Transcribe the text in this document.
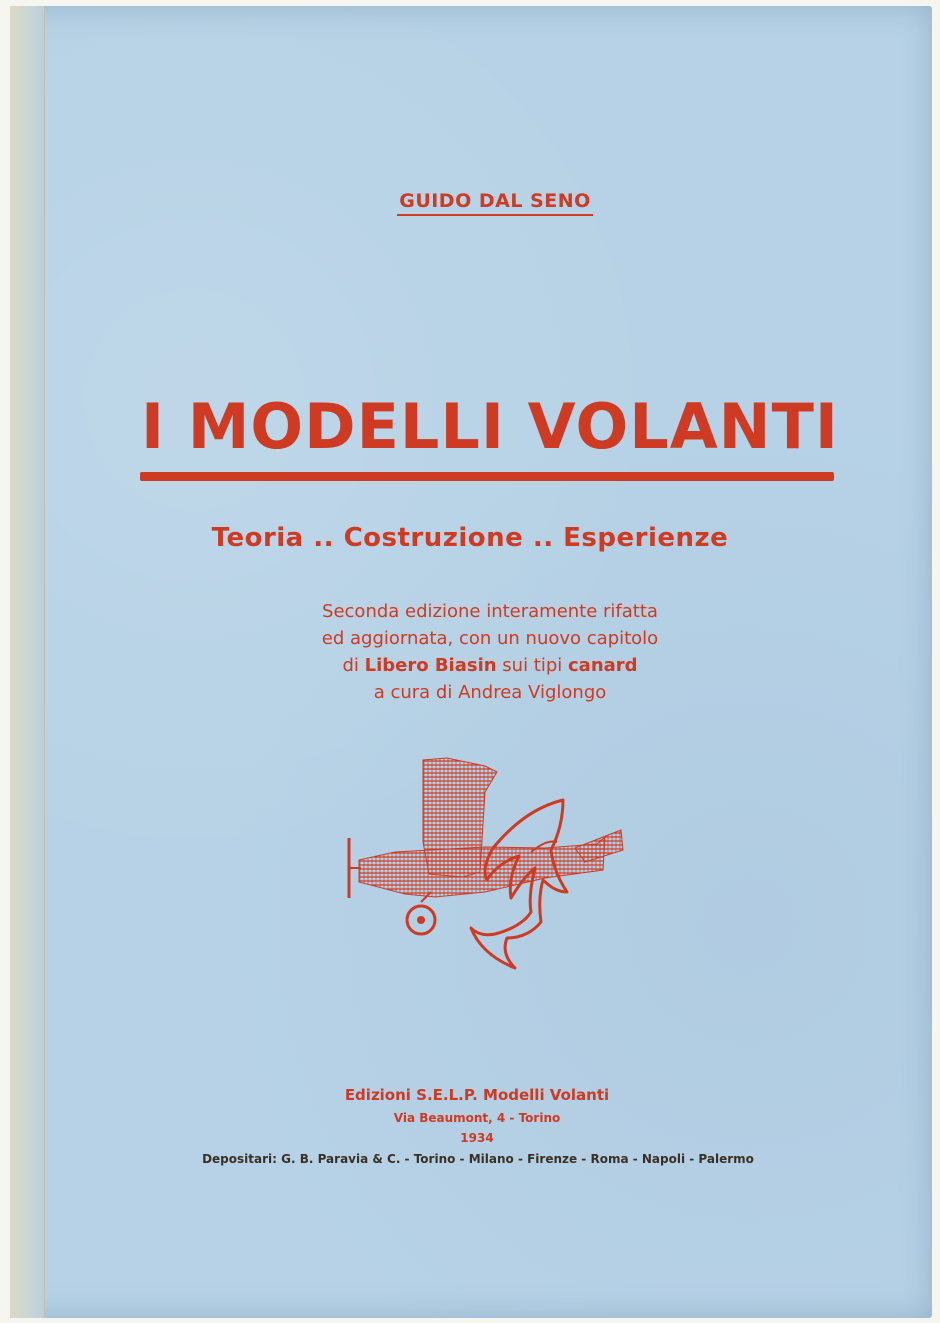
GUIDO DAL SENO
I MODELLI VOLANTI
Teoria .. Costruzione .. Esperienze
Seconda edizione interamente rifatta
ed aggiornata, con un nuovo capitolo
di Libero Biasin sui tipi canard
a cura di Andrea Viglongo
Edizioni S.E.L.P. Modelli Volanti
Via Beaumont, 4 - Torino
1934
Depositari: G. B. Paravia & C. - Torino - Milano - Firenze - Roma - Napoli - Palermo
